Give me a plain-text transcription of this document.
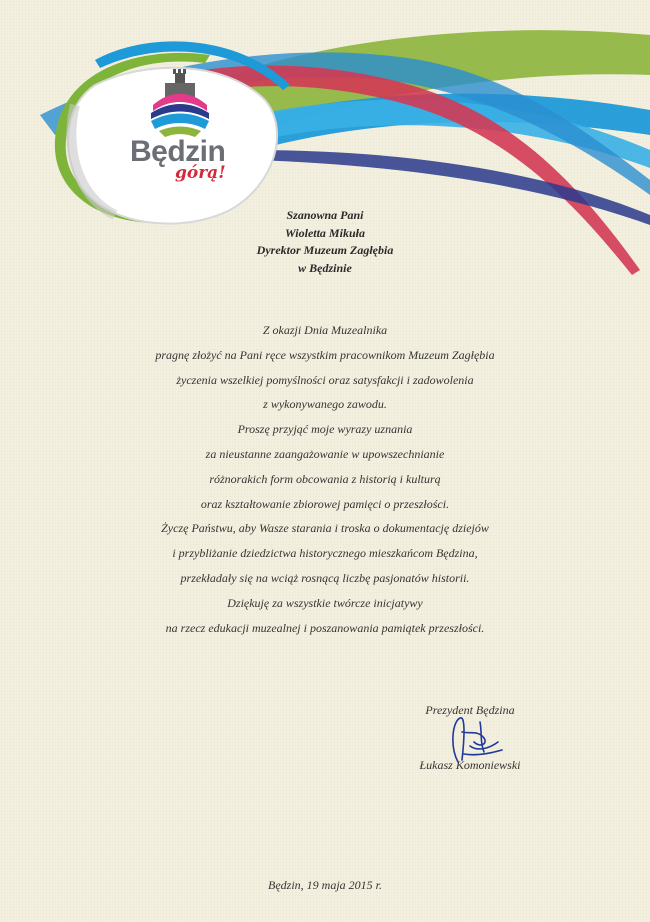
Będzin
górą!
Szanowna Pani
Wioletta Mikuła
Dyrektor Muzeum Zagłębia
w Będzinie
Z okazji Dnia Muzealnika
pragnę złożyć na Pani ręce wszystkim pracownikom Muzeum Zagłębia
życzenia wszelkiej pomyślności oraz satysfakcji i zadowolenia
z wykonywanego zawodu.
Proszę przyjąć moje wyrazy uznania
za nieustanne zaangażowanie w upowszechnianie
różnorakich form obcowania z historią i kulturą
oraz kształtowanie zbiorowej pamięci o przeszłości.
Życzę Państwu, aby Wasze starania i troska o dokumentację dziejów
i przybliżanie dziedzictwa historycznego mieszkańcom Będzina,
przekładały się na wciąż rosnącą liczbę pasjonatów historii.
Dziękuję za wszystkie twórcze inicjatywy
na rzecz edukacji muzealnej i poszanowania pamiątek przeszłości.
Prezydent Będzina
Łukasz Komoniewski
Będzin, 19 maja 2015 r.
